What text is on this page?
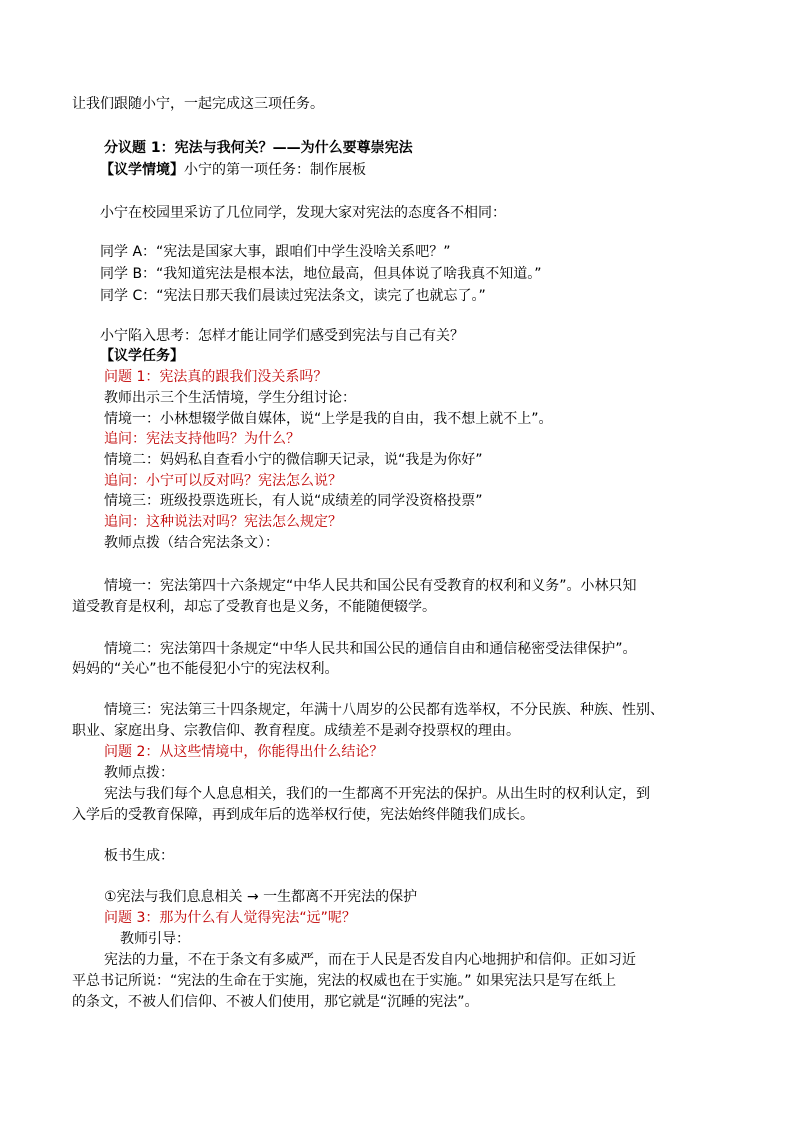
让我们跟随小宁，一起完成这三项任务。
分议题 1：宪法与我何关？——为什么要尊崇宪法
【议学情境】小宁的第一项任务：制作展板
小宁在校园里采访了几位同学，发现大家对宪法的态度各不相同：
同学 A：“宪法是国家大事，跟咱们中学生没啥关系吧？”
同学 B：“我知道宪法是根本法，地位最高，但具体说了啥我真不知道。”
同学 C：“宪法日那天我们晨读过宪法条文，读完了也就忘了。”
小宁陷入思考：怎样才能让同学们感受到宪法与自己有关？
【议学任务】
问题 1：宪法真的跟我们没关系吗？
教师出示三个生活情境，学生分组讨论：
情境一：小林想辍学做自媒体，说“上学是我的自由，我不想上就不上”。
追问：宪法支持他吗？为什么？
情境二：妈妈私自查看小宁的微信聊天记录，说“我是为你好”
追问：小宁可以反对吗？宪法怎么说？
情境三：班级投票选班长，有人说“成绩差的同学没资格投票”
追问：这种说法对吗？宪法怎么规定？
教师点拨（结合宪法条文）：
情境一：宪法第四十六条规定“中华人民共和国公民有受教育的权利和义务”。小林只知
道受教育是权利，却忘了受教育也是义务，不能随便辍学。
情境二：宪法第四十条规定“中华人民共和国公民的通信自由和通信秘密受法律保护”。
妈妈的“关心”也不能侵犯小宁的宪法权利。
情境三：宪法第三十四条规定，年满十八周岁的公民都有选举权，不分民族、种族、性别、
职业、家庭出身、宗教信仰、教育程度。成绩差不是剥夺投票权的理由。
问题 2：从这些情境中，你能得出什么结论？
教师点拨：
宪法与我们每个人息息相关，我们的一生都离不开宪法的保护。从出生时的权利认定，到
入学后的受教育保障，再到成年后的选举权行使，宪法始终伴随我们成长。
板书生成：
①宪法与我们息息相关 → 一生都离不开宪法的保护
问题 3：那为什么有人觉得宪法“远”呢？
教师引导：
宪法的力量，不在于条文有多威严，而在于人民是否发自内心地拥护和信仰。正如习近
平总书记所说：“宪法的生命在于实施，宪法的权威也在于实施。” 如果宪法只是写在纸上
的条文，不被人们信仰、不被人们使用，那它就是“沉睡的宪法”。
